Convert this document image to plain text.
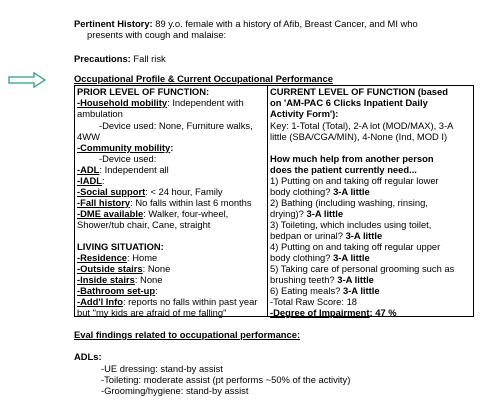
Pertinent History: 89 y.o. female with a history of Afib, Breast Cancer, and MI who
presents with cough and malaise:
Precautions: Fall risk
Occupational Profile & Current Occupational Performance
PRIOR LEVEL OF FUNCTION:
-Household mobility: Independent with
ambulation
-Device used: None, Furniture walks,
4WW
-Community mobility:
-Device used:
-ADL: Independent all
-IADL:
-Social support: < 24 hour, Family
-Fall history: No falls within last 6 months
-DME available: Walker, four-wheel,
Shower/tub chair, Cane, straight
LIVING SITUATION:
-Residence: Home
-Outside stairs: None
-Inside stairs: None
-Bathroom set-up:
-Add'l Info: reports no falls within past year
but "my kids are afraid of me falling"

CURRENT LEVEL OF FUNCTION (based
on 'AM-PAC 6 Clicks Inpatient Daily
Activity Form'):
Key: 1-Total (Total), 2-A lot (MOD/MAX), 3-A
little (SBA/CGA/MIN), 4-None (Ind, MOD I)
How much help from another person
does the patient currently need...
1) Putting on and taking off regular lower
body clothing? 3-A little
2) Bathing (including washing, rinsing,
drying)? 3-A little
3) Toileting, which includes using toilet,
bedpan or urinal? 3-A little
4) Putting on and taking off regular upper
body clothing? 3-A little
5) Taking care of personal grooming such as
brushing teeth? 3-A little
6) Eating meals? 3-A little
-Total Raw Score: 18
-Degree of Impairment: 47 %
Eval findings related to occupational performance:
ADLs:
-UE dressing: stand-by assist
-Toileting: moderate assist (pt performs ~50% of the activity)
-Grooming/hygiene: stand-by assist
